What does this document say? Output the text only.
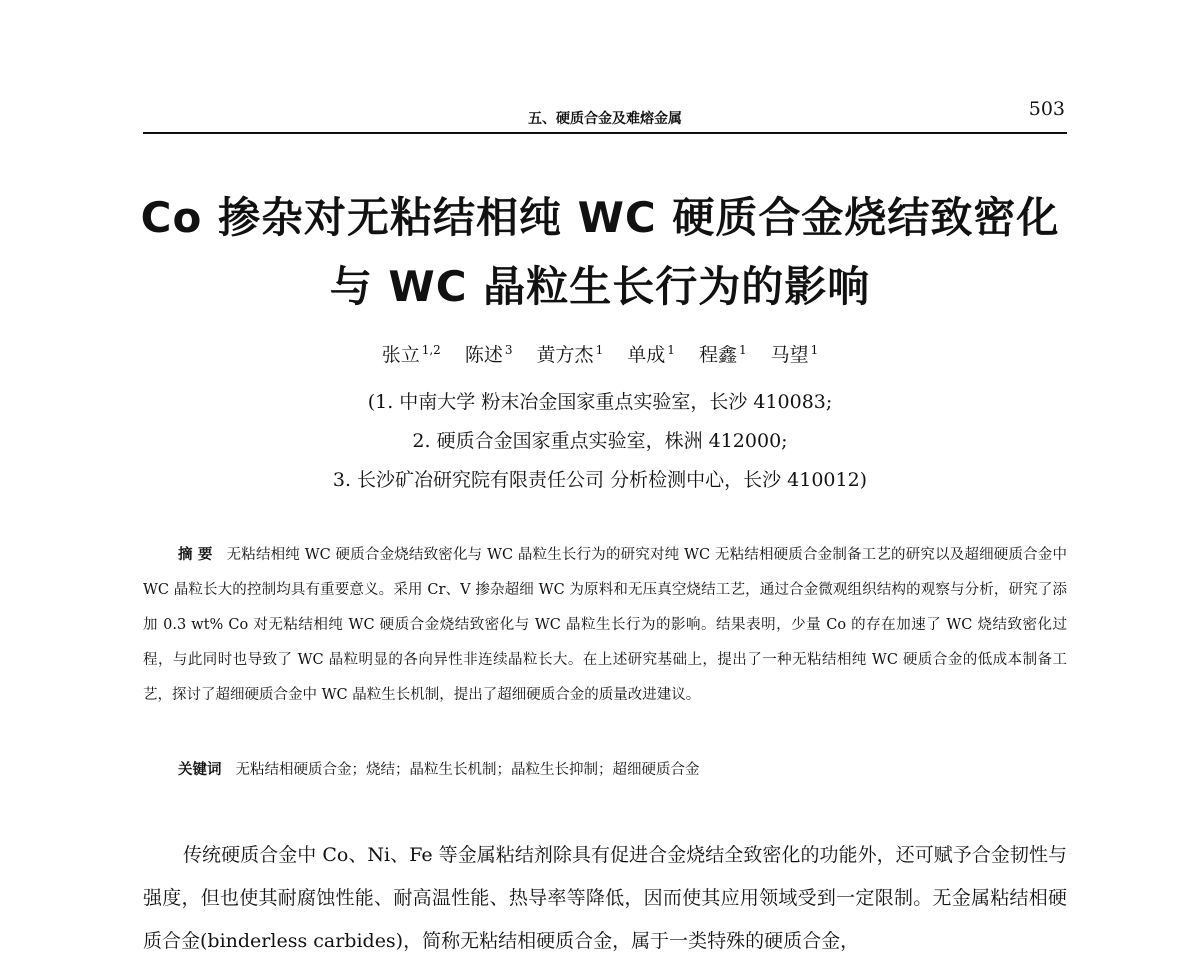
五、硬质合金及难熔金属	503
Co 掺杂对无粘结相纯 WC 硬质合金烧结致密化
与 WC 晶粒生长行为的影响
张立 $^{1,2}$ 陈述 $^3$ 黄方杰 $^1$ 单成 $^1$ 程鑫 $^1$ 马望 $^1$
(1. 中南大学 粉末冶金国家重点实验室，长沙 410083;
2. 硬质合金国家重点实验室，株洲 412000;
3. 长沙矿冶研究院有限责任公司 分析检测中心，长沙 410012)

摘 要 无粘结相纯 WC 硬质合金烧结致密化与 WC 晶粒生长行为的研究对纯 WC 无粘结相硬质合金制备工艺的研究以及超细硬质合金中 WC 晶粒长大的控制均具有重要意义。采用 Cr、V 掺杂超细 WC 为原料和无压真空烧结工艺，通过合金微观组织结构的观察与分析，研究了添加 0.3 wt% Co 对无粘结相纯 WC 硬质合金烧结致密化与 WC 晶粒生长行为的影响。结果表明，少量 Co 的存在加速了 WC 烧结致密化过程，与此同时也导致了 WC 晶粒明显的各向异性非连续晶粒长大。在上述研究基础上，提出了一种无粘结相纯 WC 硬质合金的低成本制备工艺，探讨了超细硬质合金中 WC 晶粒生长机制，提出了超细硬质合金的质量改进建议。

关键词 无粘结相硬质合金；烧结；晶粒生长机制；晶粒生长抑制；超细硬质合金

传统硬质合金中 Co、Ni、Fe 等金属粘结剂除具有促进合金烧结全致密化的功能外，还可赋予合金韧性与强度，但也使其耐腐蚀性能、耐高温性能、热导率等降低，因而使其应用领域受到一定限制。无金属粘结相硬质合金(binderless carbides)，简称无粘结相硬质合金，属于一类特殊的硬质合金，
